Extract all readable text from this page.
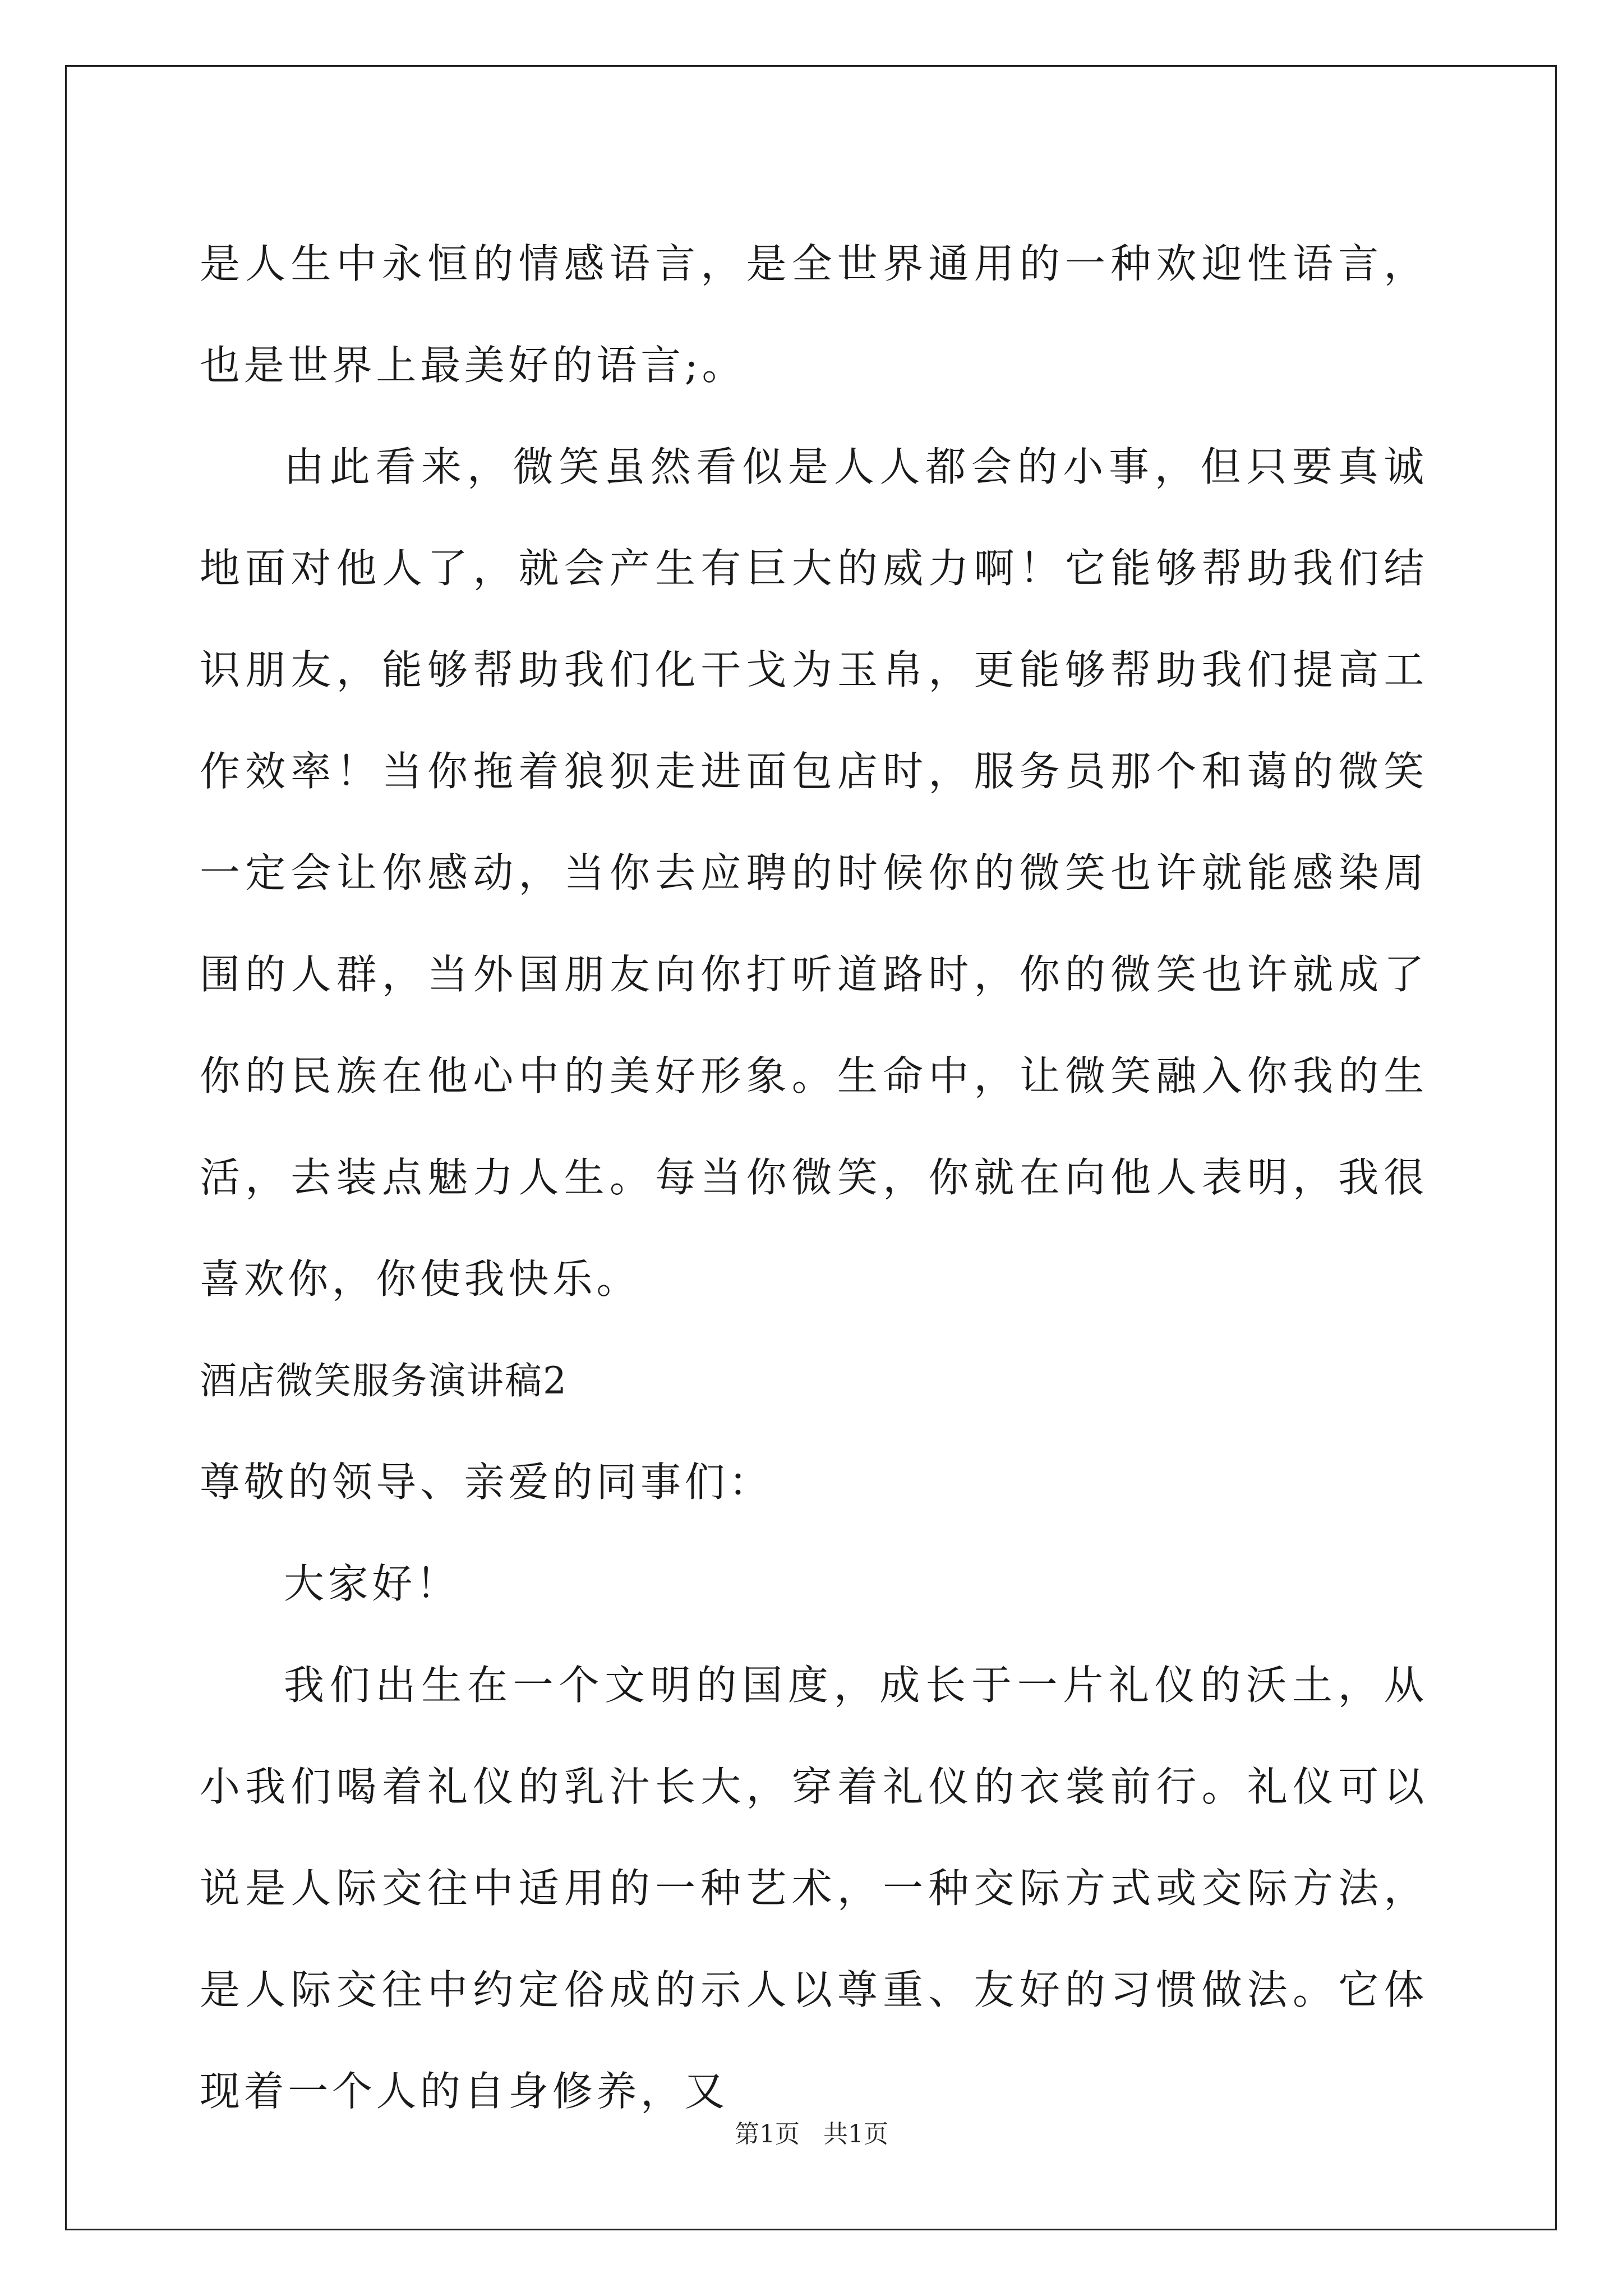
是人生中永恒的情感语言，是全世界通用的一种欢迎性语言，也是世界上最美好的语言;。

由此看来，微笑虽然看似是人人都会的小事，但只要真诚地面对他人了，就会产生有巨大的威力啊！它能够帮助我们结识朋友，能够帮助我们化干戈为玉帛，更能够帮助我们提高工作效率！当你拖着狼狈走进面包店时，服务员那个和蔼的微笑一定会让你感动，当你去应聘的时候你的微笑也许就能感染周围的人群，当外国朋友向你打听道路时，你的微笑也许就成了你的民族在他心中的美好形象。生命中，让微笑融入你我的生活，去装点魅力人生。每当你微笑，你就在向他人表明，我很喜欢你，你使我快乐。

酒店微笑服务演讲稿2

尊敬的领导、亲爱的同事们：

大家好！

我们出生在一个文明的国度，成长于一片礼仪的沃土，从小我们喝着礼仪的乳汁长大，穿着礼仪的衣裳前行。礼仪可以说是人际交往中适用的一种艺术，一种交际方式或交际方法，是人际交往中约定俗成的示人以尊重、友好的习惯做法。它体现着一个人的自身修养，又

第1页 共1页
